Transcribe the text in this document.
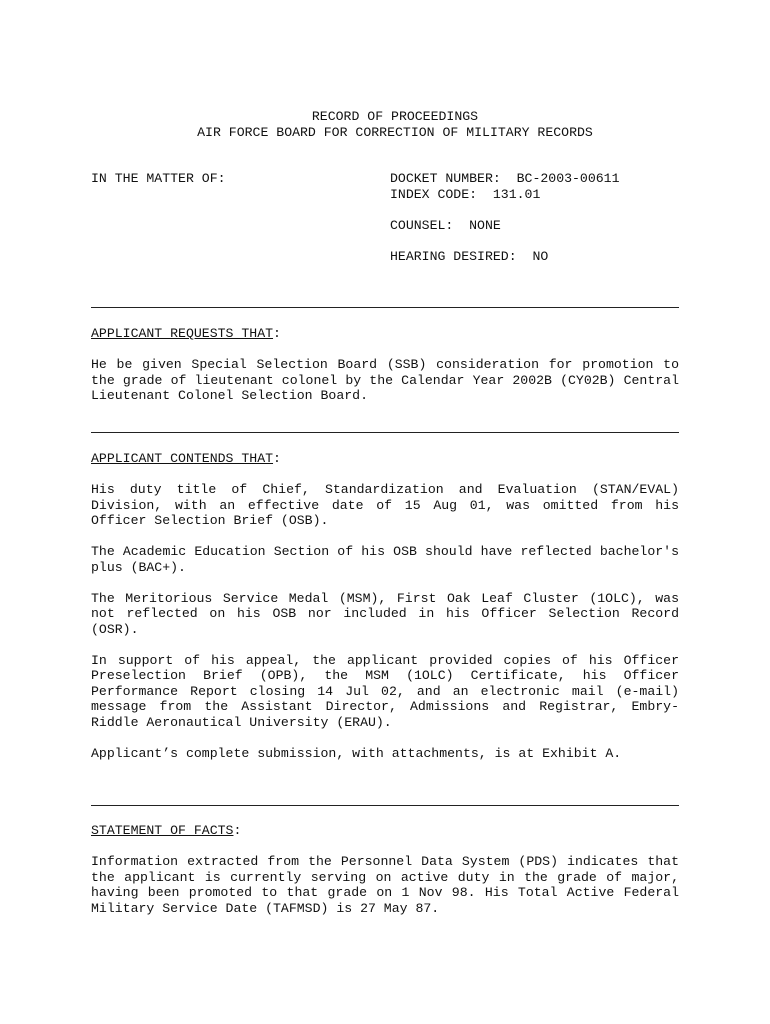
RECORD OF PROCEEDINGS
AIR FORCE BOARD FOR CORRECTION OF MILITARY RECORDS
IN THE MATTER OF:	DOCKET NUMBER:  BC-2003-00611
INDEX CODE:  131.01
COUNSEL:  NONE
HEARING DESIRED:  NO
APPLICANT REQUESTS THAT:
He be given Special Selection Board (SSB) consideration for promotion to the grade of lieutenant colonel by the Calendar Year 2002B (CY02B) Central Lieutenant Colonel Selection Board.
APPLICANT CONTENDS THAT:
His duty title of Chief, Standardization and Evaluation (STAN/EVAL) Division, with an effective date of 15 Aug 01, was omitted from his Officer Selection Brief (OSB).
The Academic Education Section of his OSB should have reflected bachelor's plus (BAC+).
The Meritorious Service Medal (MSM), First Oak Leaf Cluster (1OLC), was not reflected on his OSB nor included in his Officer Selection Record (OSR).
In support of his appeal, the applicant provided copies of his Officer Preselection Brief (OPB), the MSM (1OLC) Certificate, his Officer Performance Report closing 14 Jul 02, and an electronic mail (e-mail) message from the Assistant Director, Admissions and Registrar, Embry-Riddle Aeronautical University (ERAU).
Applicant’s complete submission, with attachments, is at Exhibit A.
STATEMENT OF FACTS:
Information extracted from the Personnel Data System (PDS) indicates that the applicant is currently serving on active duty in the grade of major, having been promoted to that grade on 1 Nov 98. His Total Active Federal Military Service Date (TAFMSD) is 27 May 87.
